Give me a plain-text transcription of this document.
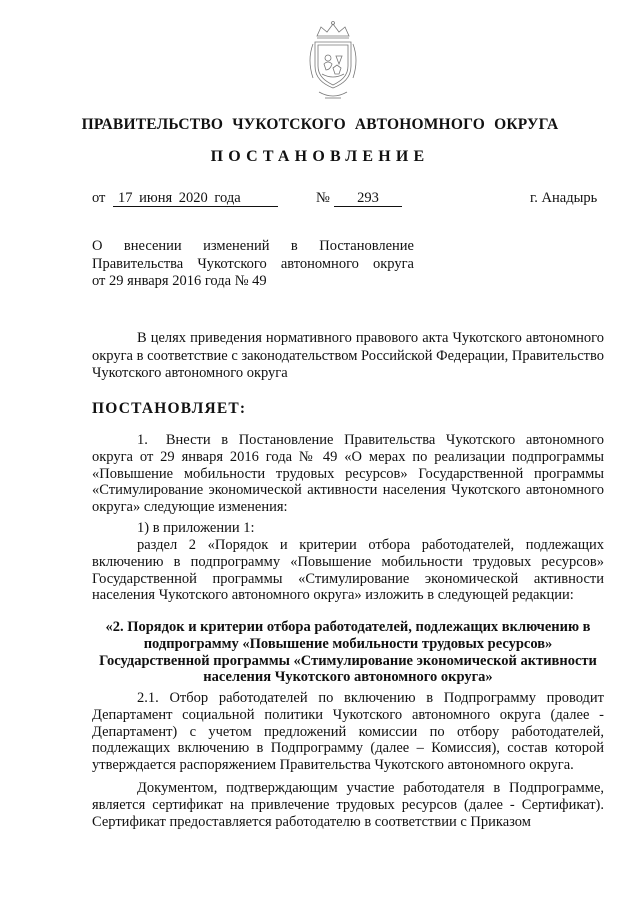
ПРАВИТЕЛЬСТВО ЧУКОТСКОГО АВТОНОМНОГО ОКРУГА
ПОСТАНОВЛЕНИЕ
от 17 июня 2020 года	№	293	г. Анадырь
О внесении изменений в Постановление
Правительства Чукотского автономного округа
от 29 января 2016 года № 49
В целях приведения нормативного правового акта Чукотского автономного округа в соответствие с законодательством Российской Федерации, Правительство Чукотского автономного округа
ПОСТАНОВЛЯЕТ:
1. Внести в Постановление Правительства Чукотского автономного округа от 29 января 2016 года № 49 «О мерах по реализации подпрограммы «Повышение мобильности трудовых ресурсов» Государственной программы «Стимулирование экономической активности населения Чукотского автономного округа» следующие изменения:
1) в приложении 1:
раздел 2 «Порядок и критерии отбора работодателей, подлежащих включению в подпрограмму «Повышение мобильности трудовых ресурсов» Государственной программы «Стимулирование экономической активности населения Чукотского автономного округа» изложить в следующей редакции:
«2. Порядок и критерии отбора работодателей, подлежащих включению в подпрограмму «Повышение мобильности трудовых ресурсов» Государственной программы «Стимулирование экономической активности населения Чукотского автономного округа»
2.1. Отбор работодателей по включению в Подпрограмму проводит Департамент социальной политики Чукотского автономного округа (далее - Департамент) с учетом предложений комиссии по отбору работодателей, подлежащих включению в Подпрограмму (далее – Комиссия), состав которой утверждается распоряжением Правительства Чукотского автономного округа.
Документом, подтверждающим участие работодателя в Подпрограмме, является сертификат на привлечение трудовых ресурсов (далее - Сертификат). Сертификат предоставляется работодателю в соответствии с Приказом
